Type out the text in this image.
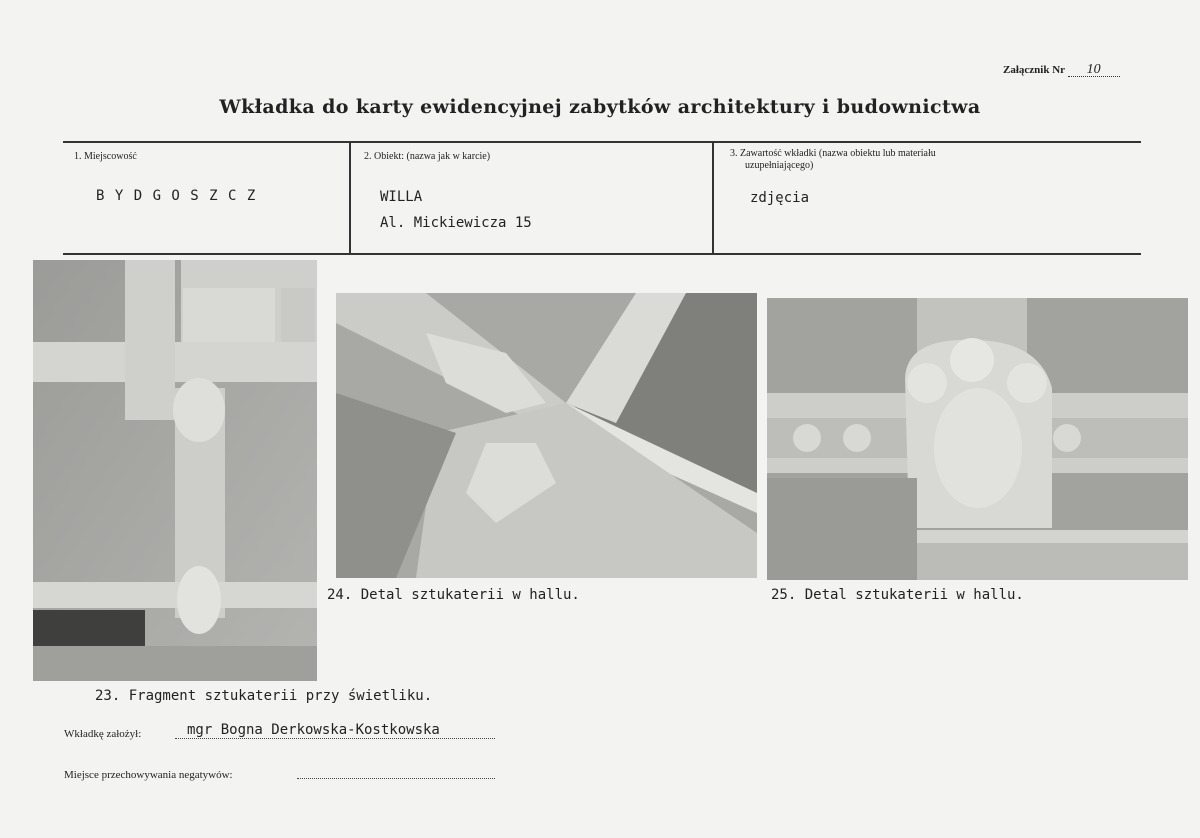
Załącznik Nr 10
Wkładka do karty ewidencyjnej zabytków architektury i budownictwa
1. Miejscowość
B Y D G O S Z C Z
2. Obiekt: (nazwa jak w karcie)
WILLA
Al. Mickiewicza 15
3. Zawartość wkładki (nazwa obiektu lub materiału
uzupełniającego)
zdjęcia
23. Fragment sztukaterii przy świetliku.
24. Detal sztukaterii w hallu.	25. Detal sztukaterii w hallu.
Wkładkę założył:	mgr Bogna Derkowska-Kostkowska
Miejsce przechowywania negatywów:
